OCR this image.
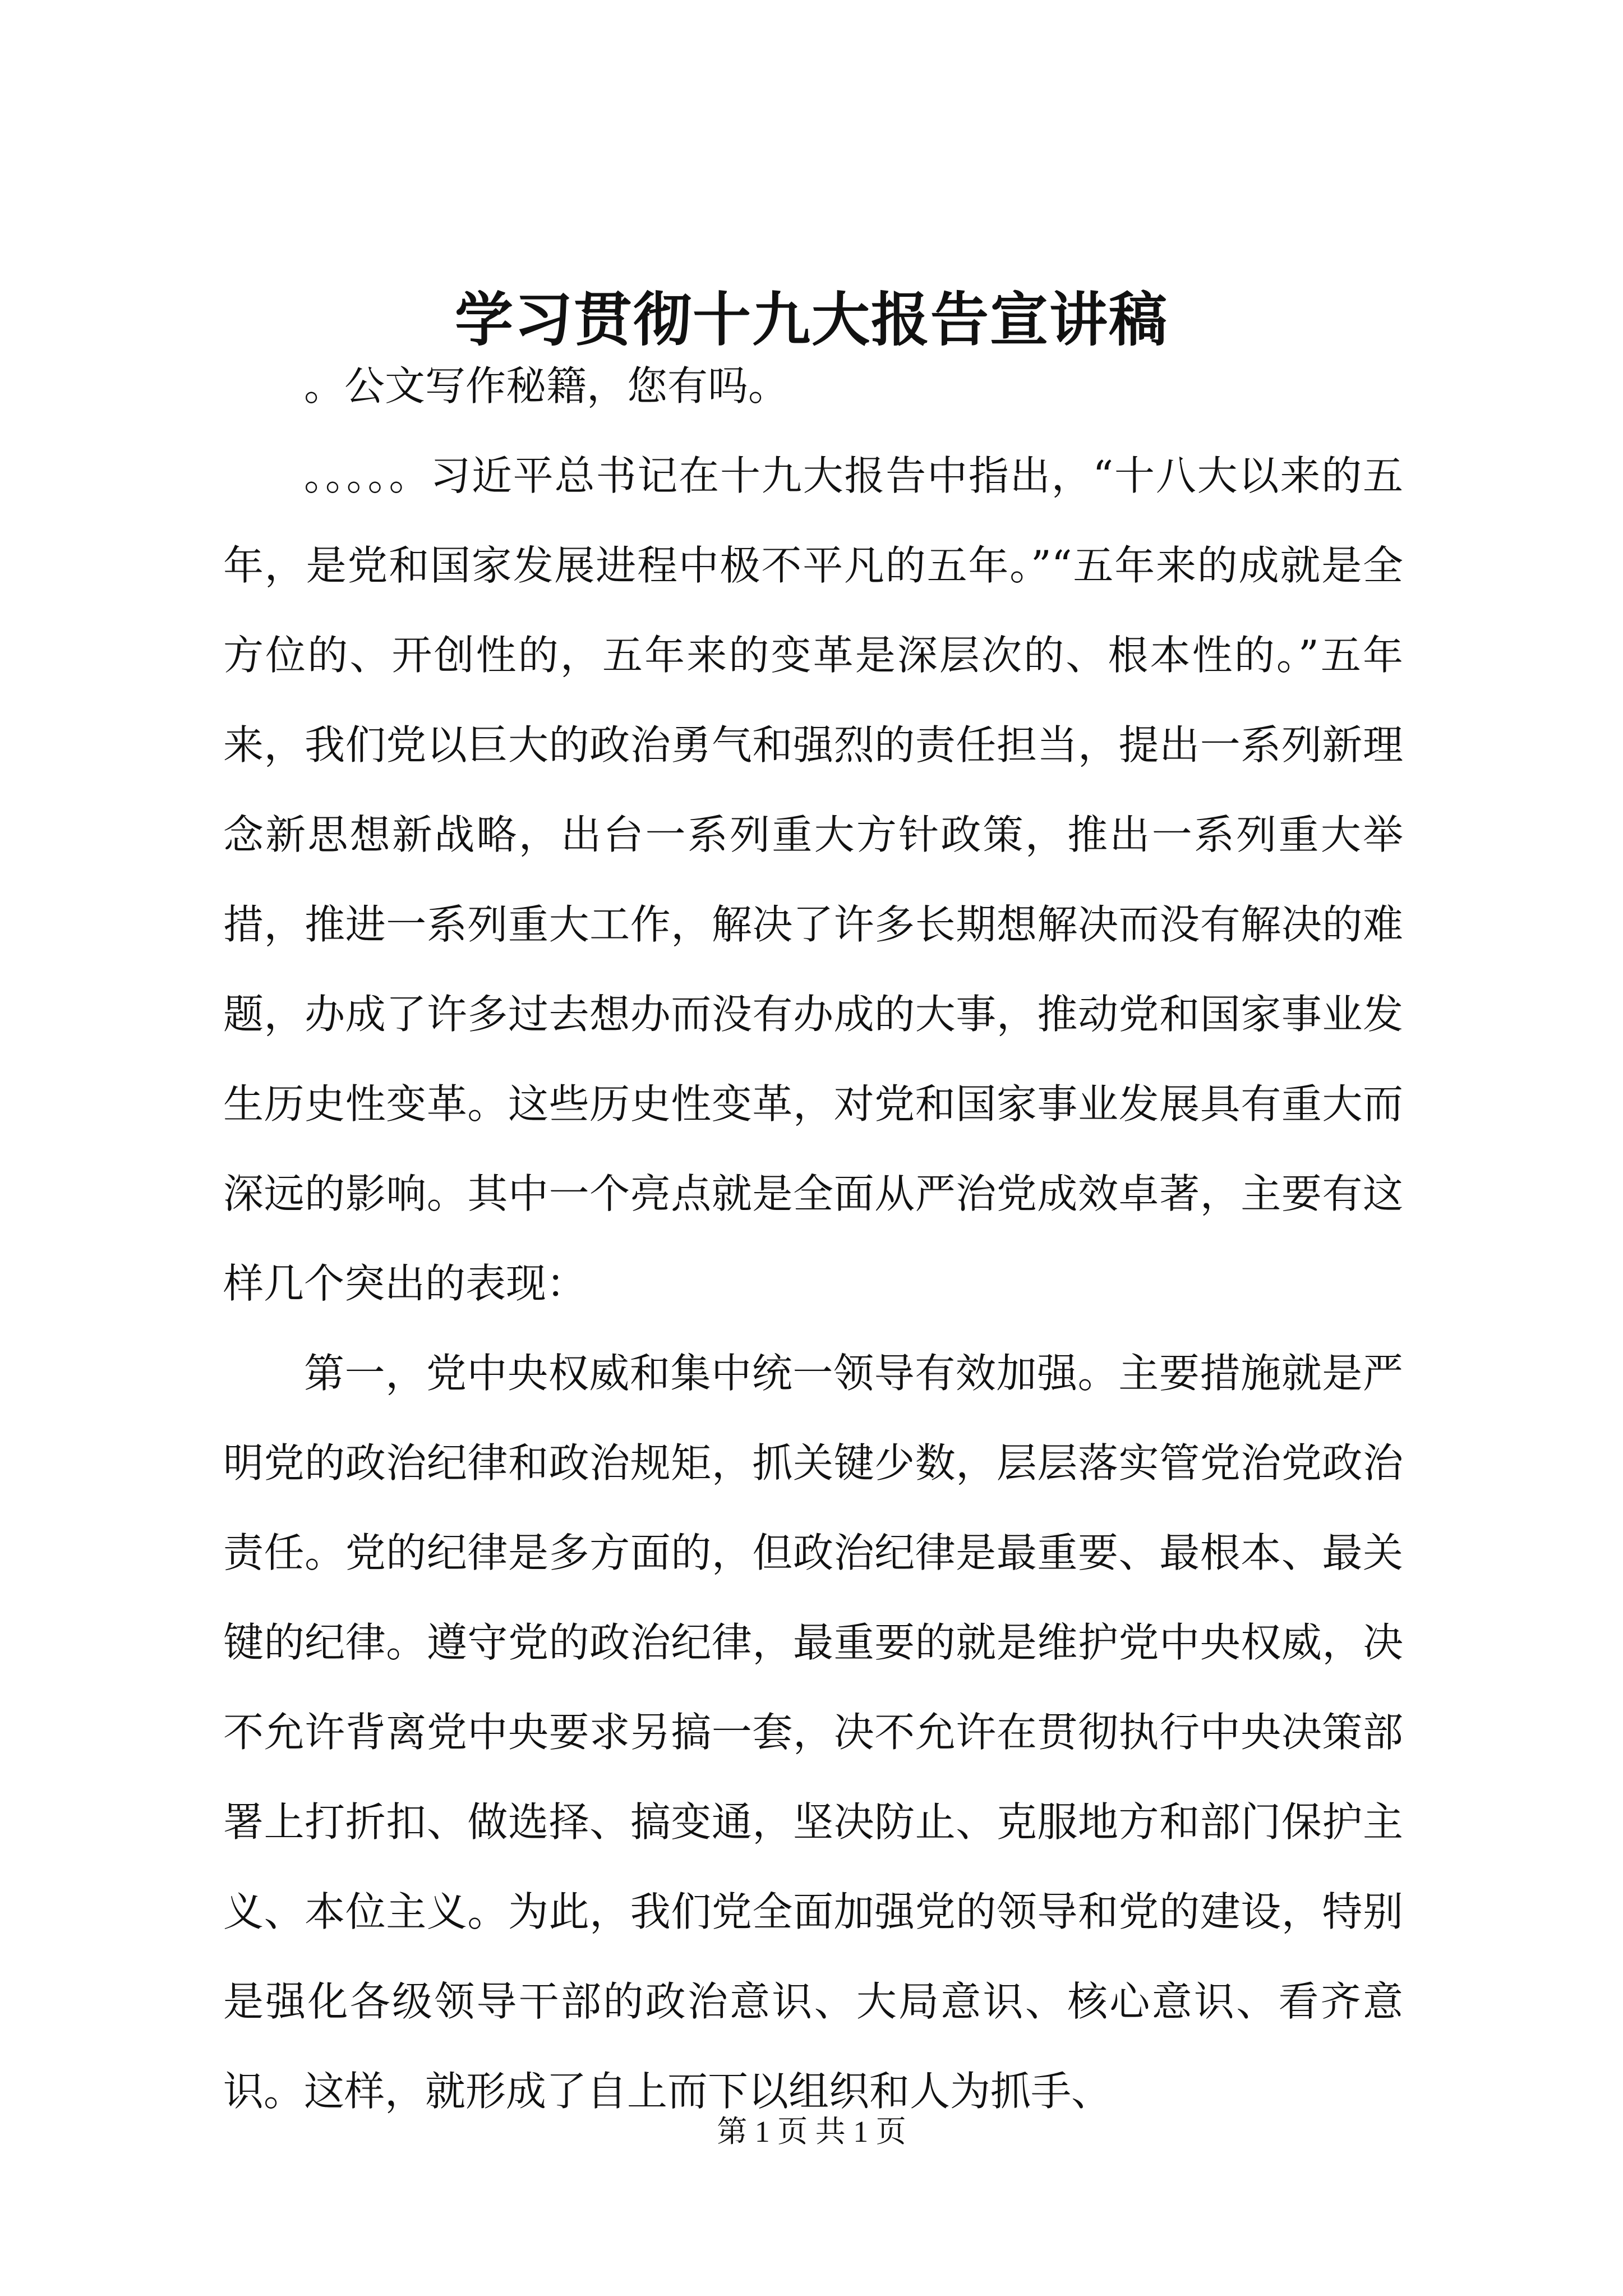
学习贯彻十九大报告宣讲稿

。公文写作秘籍，您有吗。

。。。。。习近平总书记在十九大报告中指出，“十八大以来的五年，是党和国家发展进程中极不平凡的五年。”“五年来的成就是全方位的、开创性的，五年来的变革是深层次的、根本性的。”五年来，我们党以巨大的政治勇气和强烈的责任担当，提出一系列新理念新思想新战略，出台一系列重大方针政策，推出一系列重大举措，推进一系列重大工作，解决了许多长期想解决而没有解决的难题，办成了许多过去想办而没有办成的大事，推动党和国家事业发生历史性变革。这些历史性变革，对党和国家事业发展具有重大而深远的影响。其中一个亮点就是全面从严治党成效卓著，主要有这样几个突出的表现：

第一，党中央权威和集中统一领导有效加强。主要措施就是严明党的政治纪律和政治规矩，抓关键少数，层层落实管党治党政治责任。党的纪律是多方面的，但政治纪律是最重要、最根本、最关键的纪律。遵守党的政治纪律，最重要的就是维护党中央权威，决不允许背离党中央要求另搞一套，决不允许在贯彻执行中央决策部署上打折扣、做选择、搞变通，坚决防止、克服地方和部门保护主义、本位主义。为此，我们党全面加强党的领导和党的建设，特别是强化各级领导干部的政治意识、大局意识、核心意识、看齐意识。这样，就形成了自上而下以组织和人为抓手、

第 1 页 共 1 页
